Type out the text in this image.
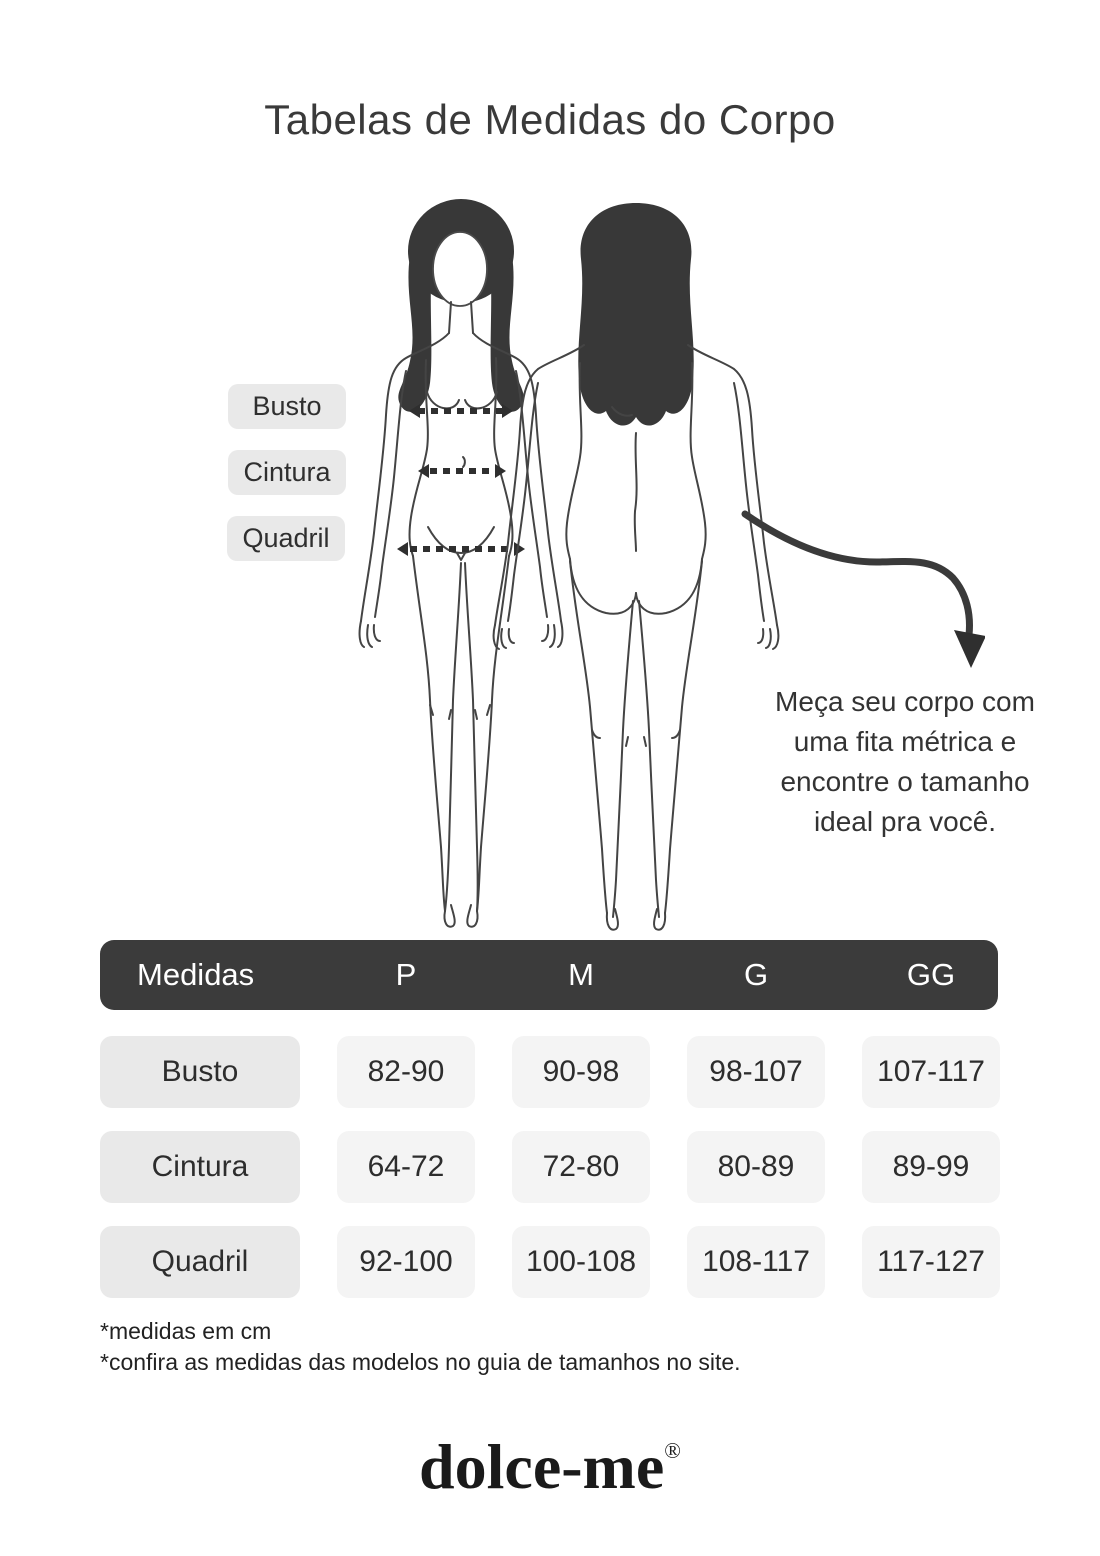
Tabelas de Medidas do Corpo
Busto
Cintura
Quadril
Meça seu corpo com
uma fita métrica e
encontre o tamanho
ideal pra você.
Medidas	P	M	G	GG
Busto	82-90	90-98	98-107	107-117
Cintura	64-72	72-80	80-89	89-99
Quadril	92-100	100-108	108-117	117-127
*medidas em cm
*confira as medidas das modelos no guia de tamanhos no site.
dolce-me®
